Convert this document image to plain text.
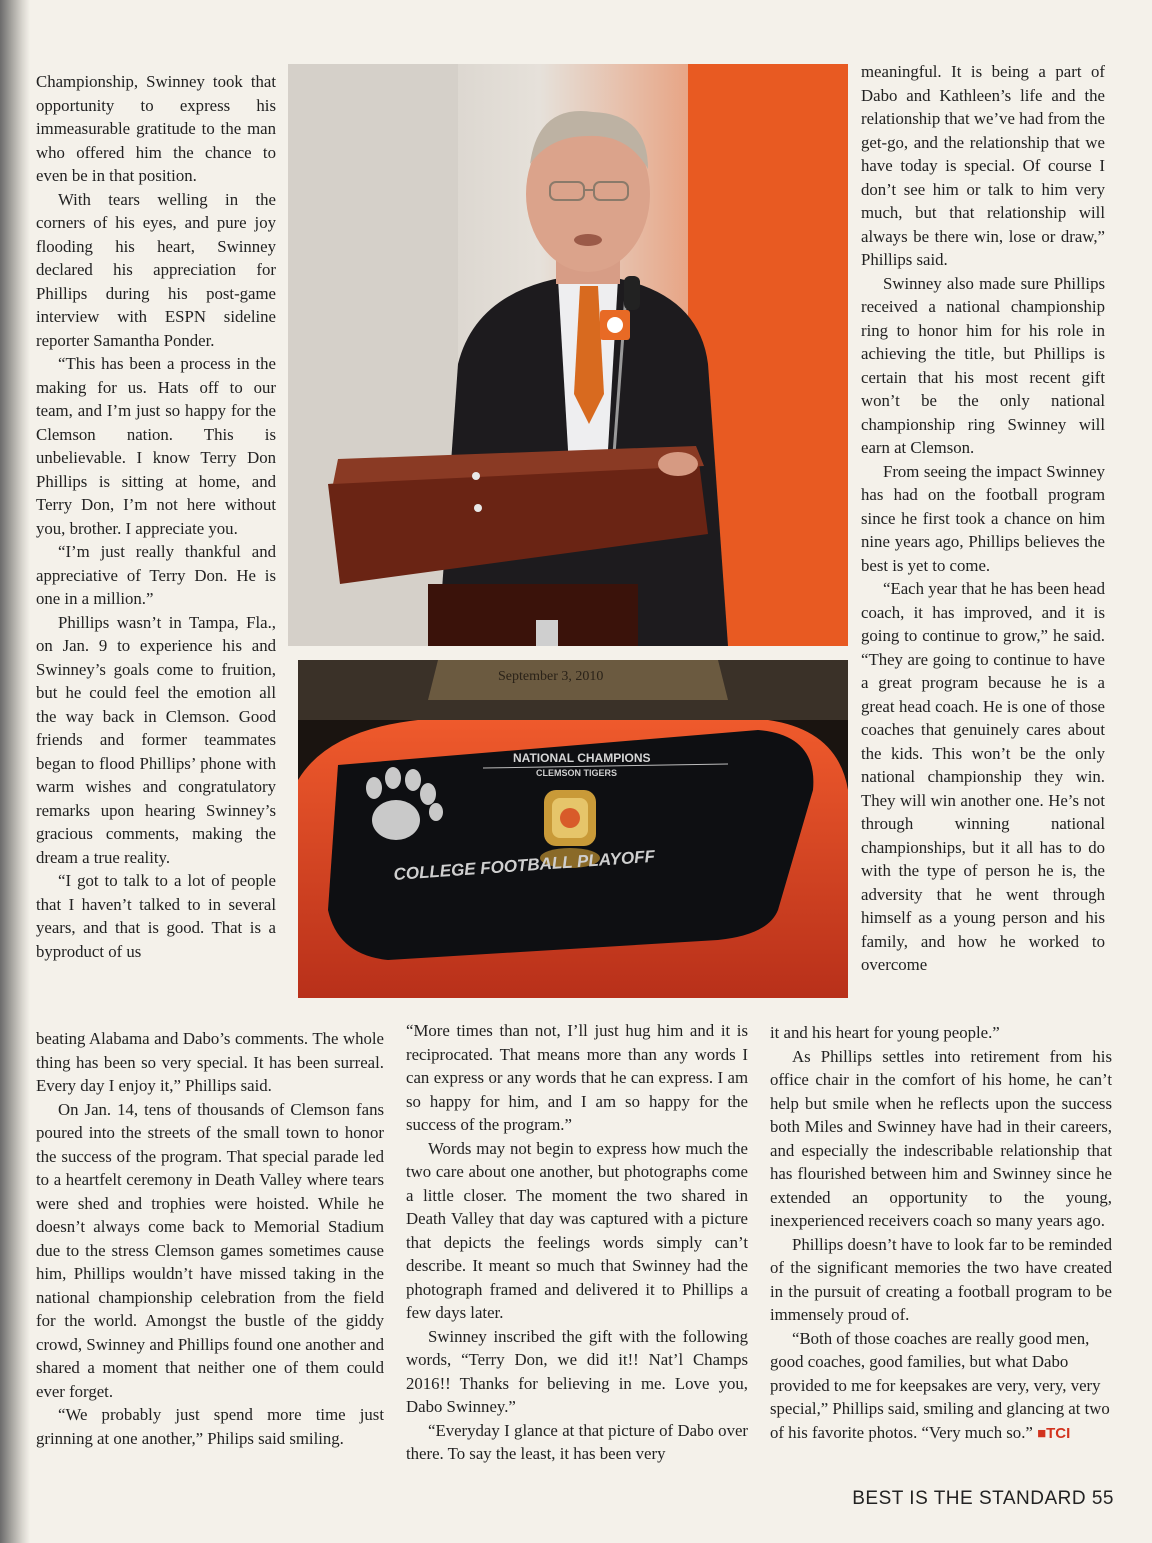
Championship, Swinney took that opportunity to express his immeasurable gratitude to the man who offered him the chance to even be in that position.

With tears welling in the corners of his eyes, and pure joy flooding his heart, Swinney declared his appreciation for Phillips during his post-game interview with ESPN sideline reporter Samantha Ponder.

“This has been a process in the making for us. Hats off to our team, and I’m just so happy for the Clemson nation. This is unbelievable. I know Terry Don Phillips is sitting at home, and Terry Don, I’m not here without you, brother. I appreciate you.

“I’m just really thankful and appreciative of Terry Don. He is one in a million.”

Phillips wasn’t in Tampa, Fla., on Jan. 9 to experience his and Swinney’s goals come to fruition, but he could feel the emotion all the way back in Clemson. Good friends and former teammates began to flood Phillips’ phone with warm wishes and congratulatory remarks upon hearing Swinney’s gracious comments, making the dream a true reality.

“I got to talk to a lot of people that I haven’t talked to in several years, and that is good. That is a byproduct of us

beating Alabama and Dabo’s comments. The whole thing has been so very special. It has been surreal. Every day I enjoy it,” Phillips said.

On Jan. 14, tens of thousands of Clemson fans poured into the streets of the small town to honor the success of the program. That special parade led to a heartfelt ceremony in Death Valley where tears were shed and trophies were hoisted. While he doesn’t always come back to Memorial Stadium due to the stress Clemson games sometimes cause him, Phillips wouldn’t have missed taking in the national championship celebration from the field for the world. Amongst the bustle of the giddy crowd, Swinney and Phillips found one another and shared a moment that neither one of them could ever forget.

“We probably just spend more time just grinning at one another,” Philips said smiling.

September 3, 2010
NATIONAL CHAMPIONS
CLEMSON TIGERS
COLLEGE FOOTBALL PLAYOFF

“More times than not, I’ll just hug him and it is reciprocated. That means more than any words I can express or any words that he can express. I am so happy for him, and I am so happy for the success of the program.”

Words may not begin to express how much the two care about one another, but photographs come a little closer. The moment the two shared in Death Valley that day was captured with a picture that depicts the feelings words simply can’t describe. It meant so much that Swinney had the photograph framed and delivered it to Phillips a few days later.

Swinney inscribed the gift with the following words, “Terry Don, we did it!! Nat’l Champs 2016!! Thanks for believing in me. Love you, Dabo Swinney.”

“Everyday I glance at that picture of Dabo over there. To say the least, it has been very

meaningful. It is being a part of Dabo and Kathleen’s life and the relationship that we’ve had from the get-go, and the relationship that we have today is special. Of course I don’t see him or talk to him very much, but that relationship will always be there win, lose or draw,” Phillips said.

Swinney also made sure Phillips received a national championship ring to honor him for his role in achieving the title, but Phillips is certain that his most recent gift won’t be the only national championship ring Swinney will earn at Clemson.

From seeing the impact Swinney has had on the football program since he first took a chance on him nine years ago, Phillips believes the best is yet to come.

“Each year that he has been head coach, it has improved, and it is going to continue to grow,” he said. “They are going to continue to have a great program because he is a great head coach. He is one of those coaches that genuinely cares about the kids. This won’t be the only national championship they win. They will win another one. He’s not through winning national championships, but it all has to do with the type of person he is, the adversity that he went through himself as a young person and his family, and how he worked to overcome

it and his heart for young people.”

As Phillips settles into retirement from his office chair in the comfort of his home, he can’t help but smile when he reflects upon the success both Miles and Swinney have had in their careers, and especially the indescribable relationship that has flourished between him and Swinney since he extended an opportunity to the young, inexperienced receivers coach so many years ago.

Phillips doesn’t have to look far to be reminded of the significant memories the two have created in the pursuit of creating a football program to be immensely proud of.

“Both of those coaches are really good men, good coaches, good families, but what Dabo provided to me for keepsakes are very, very, very special,” Phillips said, smiling and glancing at two of his favorite photos. “Very much so.” ■TCI

BEST IS THE STANDARD 55
